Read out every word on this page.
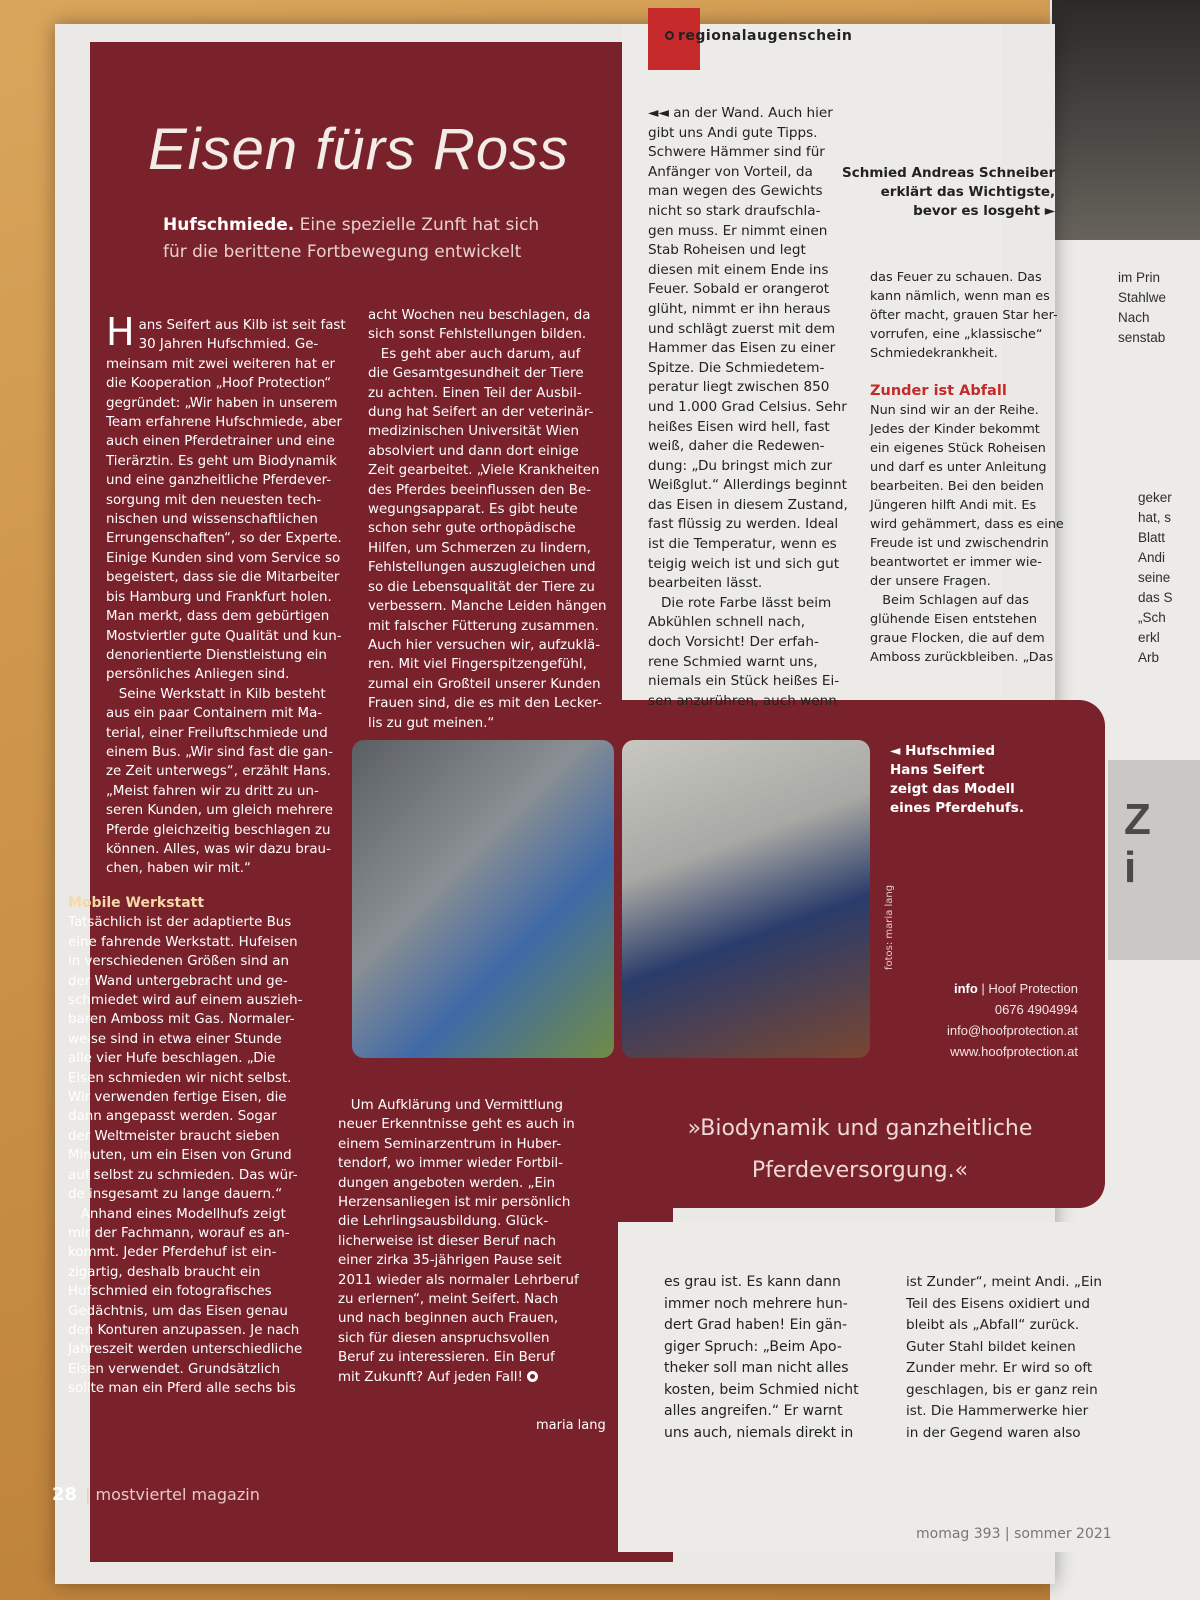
im Prin
Stahlwe
Nach
senstab
geker
hat, s
Blatt
Andi
seine
das S
„Sch
erkl
Arb
Z
i
regionalaugenschein
Eisen fürs Ross
Hufschmiede. Eine spezielle Zunft hat sich
für die berittene Fortbewegung entwickelt
Hans Seifert aus Kilb ist seit fast
30 Jahren Hufschmied. Ge-
meinsam mit zwei weiteren hat er
die Kooperation „Hoof Protection“
gegründet: „Wir haben in unserem
Team erfahrene Hufschmiede, aber
auch einen Pferdetrainer und eine
Tierärztin. Es geht um Biodynamik
und eine ganzheitliche Pferdever-
sorgung mit den neuesten tech-
nischen und wissenschaftlichen
Errungenschaften“, so der Experte.
Einige Kunden sind vom Service so
begeistert, dass sie die Mitarbeiter
bis Hamburg und Frankfurt holen.
Man merkt, dass dem gebürtigen
Mostviertler gute Qualität und kun-
denorientierte Dienstleistung ein
persönliches Anliegen sind.
Seine Werkstatt in Kilb besteht
aus ein paar Containern mit Ma-
terial, einer Freiluftschmiede und
einem Bus. „Wir sind fast die gan-
ze Zeit unterwegs“, erzählt Hans.
„Meist fahren wir zu dritt zu un-
seren Kunden, um gleich mehrere
Pferde gleichzeitig beschlagen zu
können. Alles, was wir dazu brau-
chen, haben wir mit.“
Mobile Werkstatt
Tatsächlich ist der adaptierte Bus
eine fahrende Werkstatt. Hufeisen
in verschiedenen Größen sind an
der Wand untergebracht und ge-
schmiedet wird auf einem auszieh-
baren Amboss mit Gas. Normaler-
weise sind in etwa einer Stunde
alle vier Hufe beschlagen. „Die
Eisen schmieden wir nicht selbst.
Wir verwenden fertige Eisen, die
dann angepasst werden. Sogar
der Weltmeister braucht sieben
Minuten, um ein Eisen von Grund
auf selbst zu schmieden. Das wür-
de insgesamt zu lange dauern.“
Anhand eines Modellhufs zeigt
mir der Fachmann, worauf es an-
kommt. Jeder Pferdehuf ist ein-
zigartig, deshalb braucht ein
Hufschmied ein fotografisches
Gedächtnis, um das Eisen genau
den Konturen anzupassen. Je nach
Jahreszeit werden unterschiedliche
Eisen verwendet. Grundsätzlich
sollte man ein Pferd alle sechs bis
acht Wochen neu beschlagen, da
sich sonst Fehlstellungen bilden.
Es geht aber auch darum, auf
die Gesamtgesundheit der Tiere
zu achten. Einen Teil der Ausbil-
dung hat Seifert an der veterinär-
medizinischen Universität Wien
absolviert und dann dort einige
Zeit gearbeitet. „Viele Krankheiten
des Pferdes beeinflussen den Be-
wegungsapparat. Es gibt heute
schon sehr gute orthopädische
Hilfen, um Schmerzen zu lindern,
Fehlstellungen auszugleichen und
so die Lebensqualität der Tiere zu
verbessern. Manche Leiden hängen
mit falscher Fütterung zusammen.
Auch hier versuchen wir, aufzuklä-
ren. Mit viel Fingerspitzengefühl,
zumal ein Großteil unserer Kunden
Frauen sind, die es mit den Lecker-
lis zu gut meinen.“
Um Aufklärung und Vermittlung
neuer Erkenntnisse geht es auch in
einem Seminarzentrum in Huber-
tendorf, wo immer wieder Fortbil-
dungen angeboten werden. „Ein
Herzensanliegen ist mir persönlich
die Lehrlingsausbildung. Glück-
licherweise ist dieser Beruf nach
einer zirka 35-jährigen Pause seit
2011 wieder als normaler Lehrberuf
zu erlernen“, meint Seifert. Nach
und nach beginnen auch Frauen,
sich für diesen anspruchsvollen
Beruf zu interessieren. Ein Beruf
mit Zukunft? Auf jeden Fall!
maria lang
◄◄ an der Wand. Auch hier
gibt uns Andi gute Tipps.
Schwere Hämmer sind für
Anfänger von Vorteil, da
man wegen des Gewichts
nicht so stark draufschla-
gen muss. Er nimmt einen
Stab Roheisen und legt
diesen mit einem Ende ins
Feuer. Sobald er orangerot
glüht, nimmt er ihn heraus
und schlägt zuerst mit dem
Hammer das Eisen zu einer
Spitze. Die Schmiedetem-
peratur liegt zwischen 850
und 1.000 Grad Celsius. Sehr
heißes Eisen wird hell, fast
weiß, daher die Redewen-
dung: „Du bringst mich zur
Weißglut.“ Allerdings beginnt
das Eisen in diesem Zustand,
fast flüssig zu werden. Ideal
ist die Temperatur, wenn es
teigig weich ist und sich gut
bearbeiten lässt.
Die rote Farbe lässt beim
Abkühlen schnell nach,
doch Vorsicht! Der erfah-
rene Schmied warnt uns,
niemals ein Stück heißes Ei-
sen anzurühren, auch wenn
Schmied Andreas Schneiber
erklärt das Wichtigste,
bevor es losgeht ►
das Feuer zu schauen. Das
kann nämlich, wenn man es
öfter macht, grauen Star her-
vorrufen, eine „klassische“
Schmiedekrankheit.

Zunder ist Abfall
Nun sind wir an der Reihe.
Jedes der Kinder bekommt
ein eigenes Stück Roheisen
und darf es unter Anleitung
bearbeiten. Bei den beiden
Jüngeren hilft Andi mit. Es
wird gehämmert, dass es eine
Freude ist und zwischendrin
beantwortet er immer wie-
der unsere Fragen.
Beim Schlagen auf das
glühende Eisen entstehen
graue Flocken, die auf dem
Amboss zurückbleiben. „Das
fotos: maria lang
◄ Hufschmied
Hans Seifert
zeigt das Modell
eines Pferdehufs.
info | Hoof Protection
0676 4904994
info@hoofprotection.at
www.hoofprotection.at
»Biodynamik und ganzheitliche
Pferdeversorgung.«
es grau ist. Es kann dann
immer noch mehrere hun-
dert Grad haben! Ein gän-
giger Spruch: „Beim Apo-
theker soll man nicht alles
kosten, beim Schmied nicht
alles angreifen.“ Er warnt
uns auch, niemals direkt in
ist Zunder“, meint Andi. „Ein
Teil des Eisens oxidiert und
bleibt als „Abfall“ zurück.
Guter Stahl bildet keinen
Zunder mehr. Er wird so oft
geschlagen, bis er ganz rein
ist. Die Hammerwerke hier
in der Gegend waren also
28 | mostviertel magazin
momag 393 | sommer 2021
